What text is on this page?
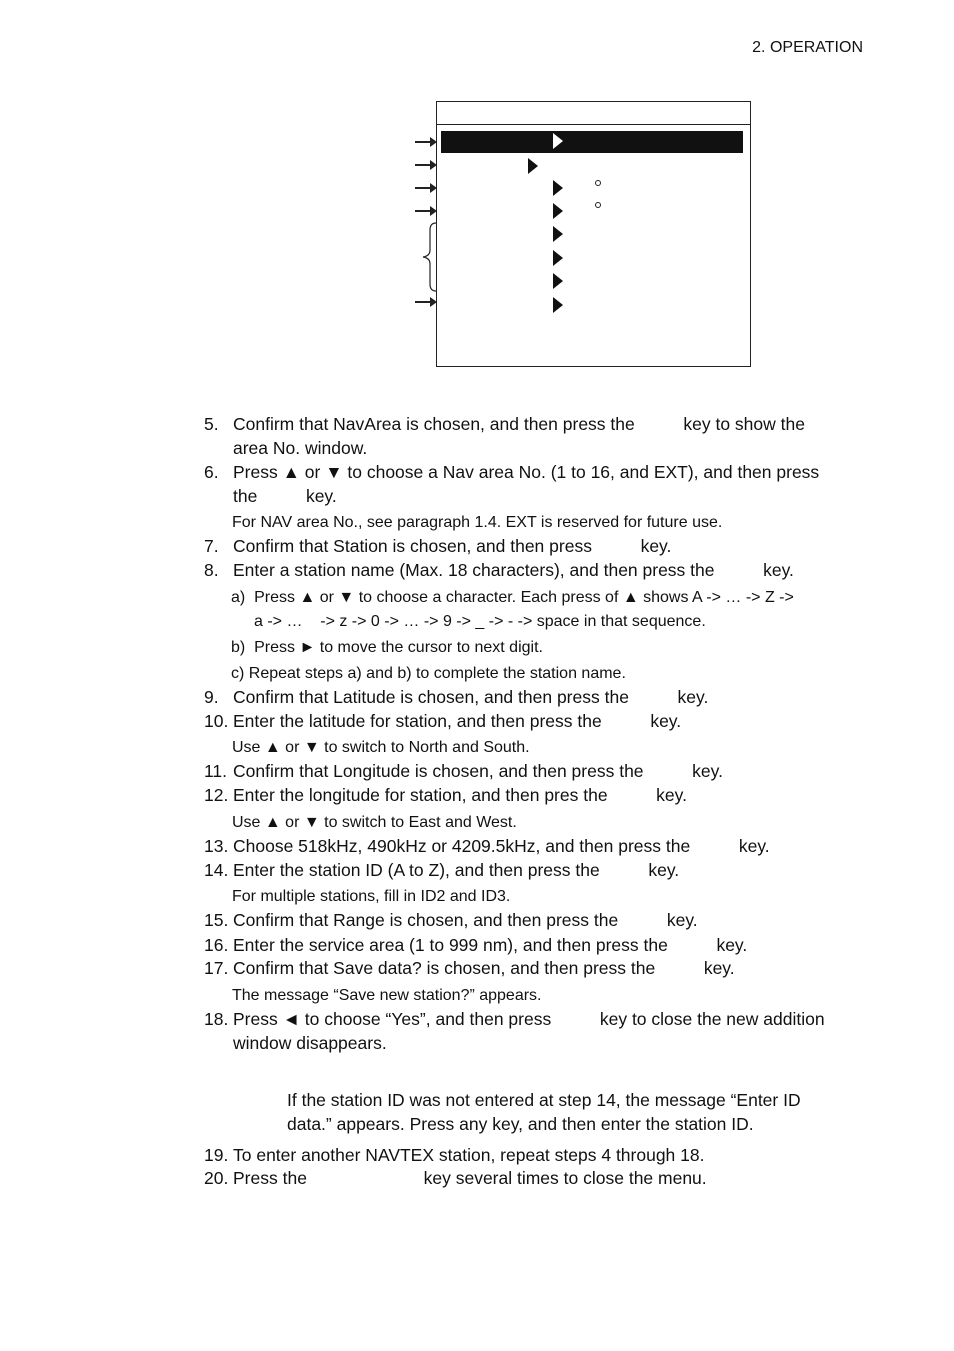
2. OPERATION
5. Confirm that NavArea is chosen, and then press the          key to show the
area No. window.
6. Press ▲ or ▼ to choose a Nav area No. (1 to 16, and EXT), and then press
the          key.
For NAV area No., see paragraph 1.4. EXT is reserved for future use.
7. Confirm that Station is chosen, and then press          key.
8. Enter a station name (Max. 18 characters), and then press the          key.
a)  Press ▲ or ▼ to choose a character. Each press of ▲ shows A -> … -> Z ->
a -> …    -> z -> 0 -> … -> 9 -> _ -> - -> space in that sequence.
b)  Press ► to move the cursor to next digit.
c) Repeat steps a) and b) to complete the station name.
9. Confirm that Latitude is chosen, and then press the          key.
10. Enter the latitude for station, and then press the          key.
Use ▲ or ▼ to switch to North and South.
11. Confirm that Longitude is chosen, and then press the          key.
12. Enter the longitude for station, and then pres the          key.
Use ▲ or ▼ to switch to East and West.
13. Choose 518kHz, 490kHz or 4209.5kHz, and then press the          key.
14. Enter the station ID (A to Z), and then press the          key.
For multiple stations, fill in ID2 and ID3.
15. Confirm that Range is chosen, and then press the          key.
16. Enter the service area (1 to 999 nm), and then press the          key.
17. Confirm that Save data? is chosen, and then press the          key.
The message “Save new station?” appears.
18. Press ◄ to choose “Yes”, and then press          key to close the new addition
window disappears.
If the station ID was not entered at step 14, the message “Enter ID
data.” appears. Press any key, and then enter the station ID.
19. To enter another NAVTEX station, repeat steps 4 through 18.
20. Press the                        key several times to close the menu.
